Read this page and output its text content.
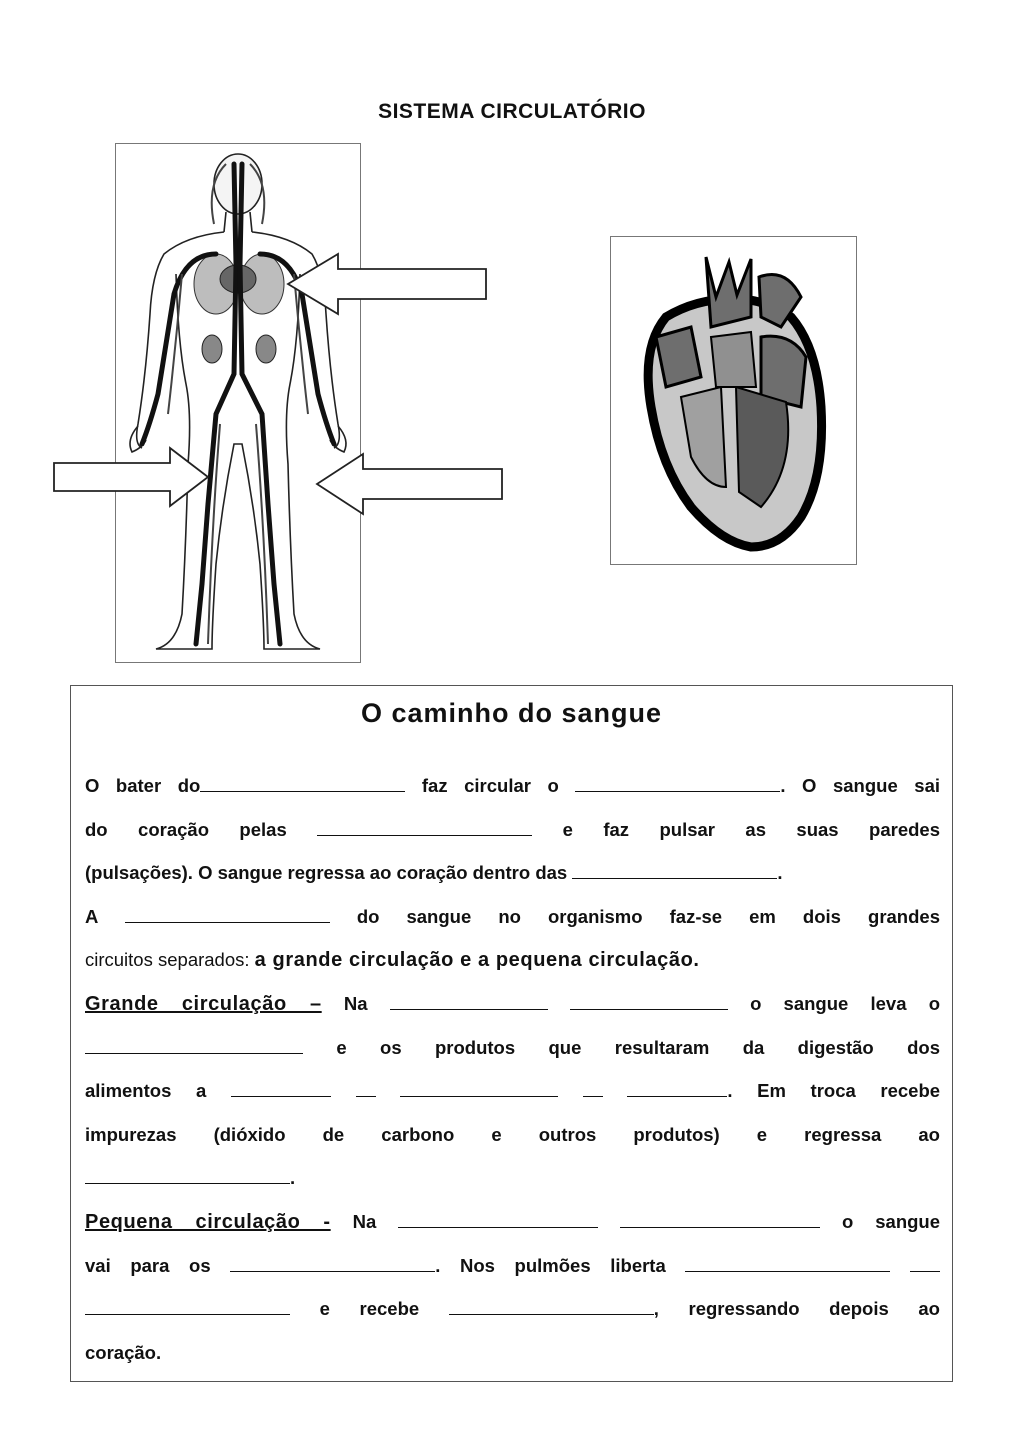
SISTEMA CIRCULATÓRIO
O caminho do sangue
O bater do	faz circular o	. O sangue sai
do coração pelas	e faz pulsar as suas paredes
(pulsações). O sangue regressa ao coração dentro das	.
A	do sangue no organismo faz-se em dois grandes
circuitos separados: a grande circulação e a pequena circulação.
Grande circulação – Na	o sangue leva o
e os produtos que resultaram da digestão dos
alimentos a	. Em troca recebe
impurezas (dióxido de carbono e outros produtos) e regressa ao
.
Pequena circulação - Na	o sangue
vai para os	. Nos pulmões liberta
e recebe	, regressando depois ao
coração.
